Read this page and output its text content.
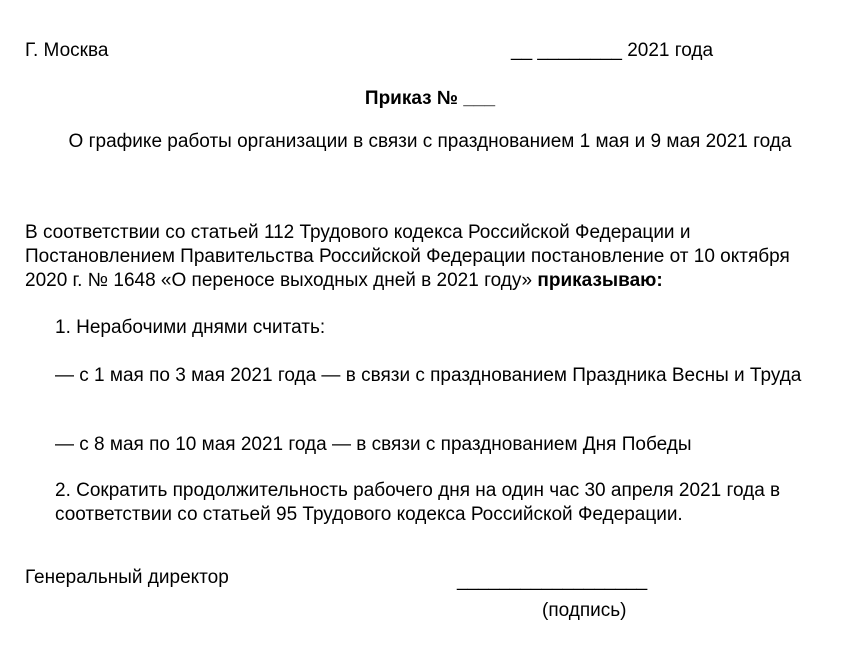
Г. Москва	__ ________ 2021 года
Приказ № ___
О графике работы организации в связи с празднованием 1 мая и 9 мая 2021 года
В соответствии со статьей 112 Трудового кодекса Российской Федерации и Постановлением Правительства Российской Федерации постановление от 10 октября 2020 г. № 1648 «О переносе выходных дней в 2021 году» приказываю:
1. Нерабочими днями считать:
— с 1 мая по 3 мая 2021 года — в связи с празднованием Праздника Весны и Труда
— с 8 мая по 10 мая 2021 года — в связи с празднованием Дня Победы
2. Сократить продолжительность рабочего дня на один час 30 апреля 2021 года в соответствии со статьей 95 Трудового кодекса Российской Федерации.
Генеральный директор	__________________
(подпись)
